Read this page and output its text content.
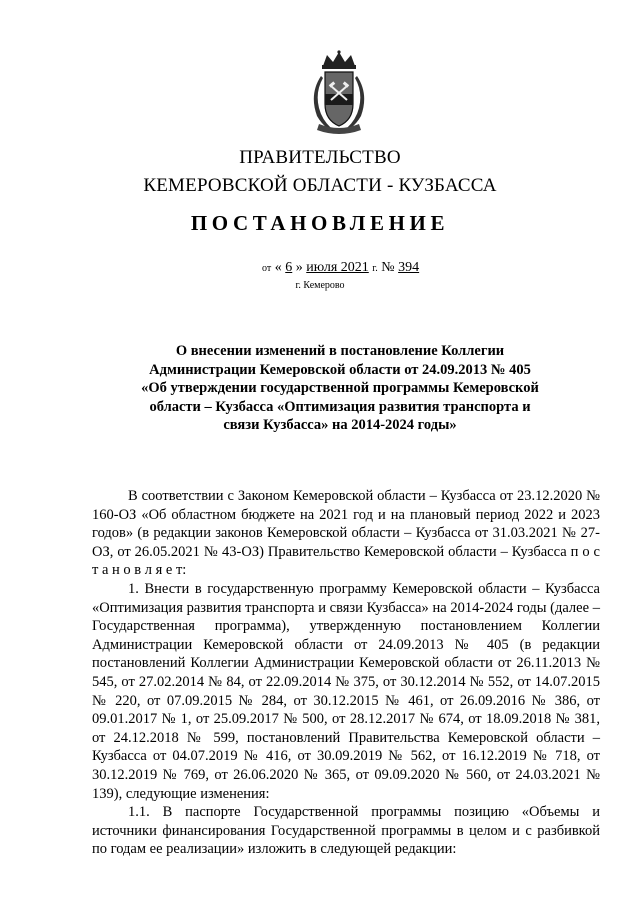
ПРАВИТЕЛЬСТВО
КЕМЕРОВСКОЙ ОБЛАСТИ - КУЗБАССА
ПОСТАНОВЛЕНИЕ
от « 6 » июля 2021 г. № 394
г. Кемерово
О внесении изменений в постановление Коллегии Администрации Кемеровской области от 24.09.2013 № 405 «Об утверждении государственной программы Кемеровской области – Кузбасса «Оптимизация развития транспорта и связи Кузбасса» на 2014-2024 годы»

В соответствии с Законом Кемеровской области – Кузбасса от 23.12.2020 № 160-ОЗ «Об областном бюджете на 2021 год и на плановый период 2022 и 2023 годов» (в редакции законов Кемеровской области – Кузбасса от 31.03.2021 № 27-ОЗ, от 26.05.2021 № 43-ОЗ) Правительство Кемеровской области – Кузбасса п о с т а н о в л я е т:

1. Внести в государственную программу Кемеровской области – Кузбасса «Оптимизация развития транспорта и связи Кузбасса» на 2014-2024 годы (далее – Государственная программа), утвержденную постановлением Коллегии Администрации Кемеровской области от 24.09.2013 № 405 (в редакции постановлений Коллегии Администрации Кемеровской области от 26.11.2013 № 545, от 27.02.2014 № 84, от 22.09.2014 № 375, от 30.12.2014 № 552, от 14.07.2015 № 220, от 07.09.2015 № 284, от 30.12.2015 № 461, от 26.09.2016 № 386, от 09.01.2017 № 1, от 25.09.2017 № 500, от 28.12.2017 № 674, от 18.09.2018 № 381, от 24.12.2018 № 599, постановлений Правительства Кемеровской области – Кузбасса от 04.07.2019 № 416, от 30.09.2019 № 562, от 16.12.2019 № 718, от 30.12.2019 № 769, от 26.06.2020 № 365, от 09.09.2020 № 560, от 24.03.2021 № 139), следующие изменения:

1.1. В паспорте Государственной программы позицию «Объемы и источники финансирования Государственной программы в целом и с разбивкой по годам ее реализации» изложить в следующей редакции:
